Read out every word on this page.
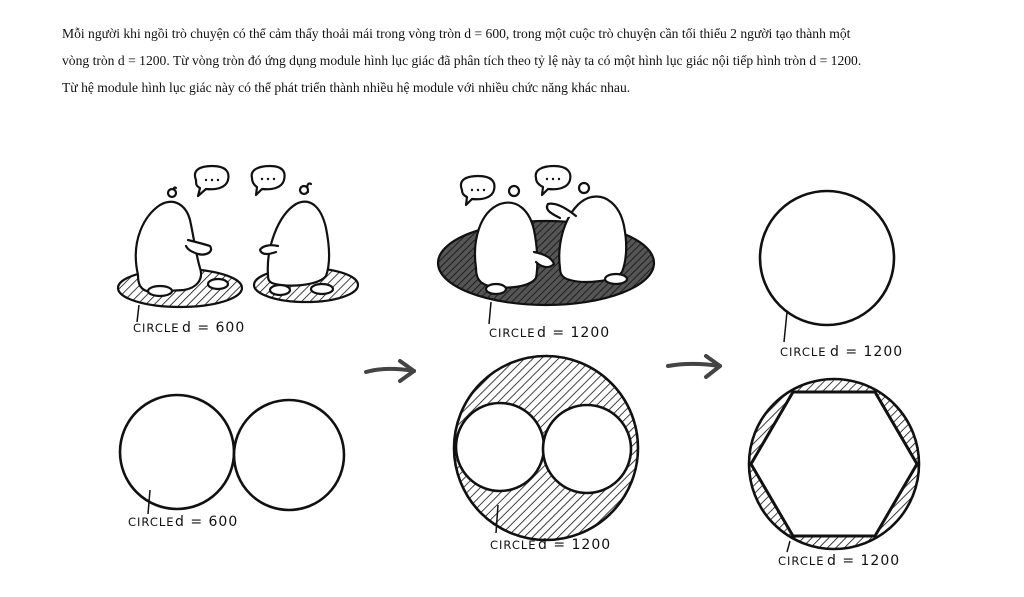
Mỗi người khi ngồi trò chuyện có thể cảm thấy thoải mái trong vòng tròn d = 600, trong một cuộc trò chuyện cần tối thiểu 2 người tạo thành một

vòng tròn d = 1200. Từ vòng tròn đó ứng dụng module hình lục giác đã phân tích theo tỷ lệ này ta có một hình lục giác nội tiếp hình tròn d = 1200.

Từ hệ module hình lục giác này có thể phát triển thành nhiều hệ module với nhiều chức năng khác nhau.

CIRCLE d = 600	CIRCLE d = 1200
CIRCLE d = 1200
CIRCLE d = 600
CIRCLE d = 1200
CIRCLE d = 1200
